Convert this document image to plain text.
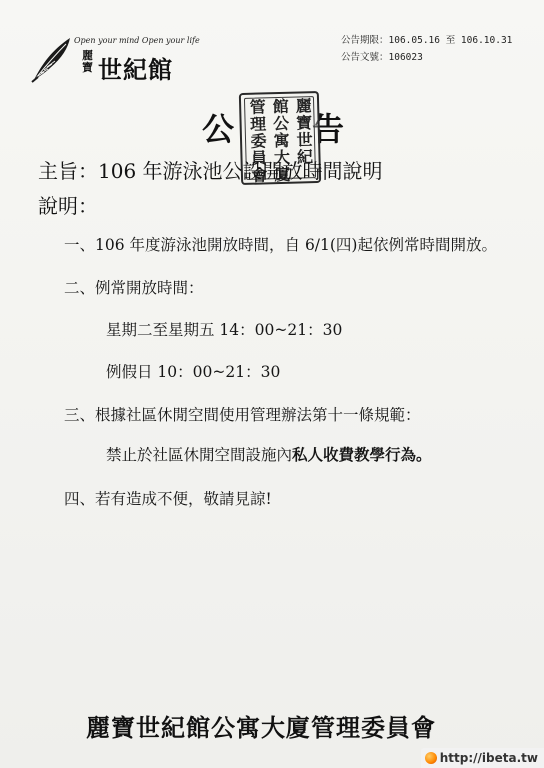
Open your mind Open your life
麗寶 世紀館
公告期限：106.05.16 至 106.10.31
公告文號：106023
公 告
麗寶世紀
館公寓大廈
管理委員會
主旨：106 年游泳池公設開放時間說明
說明：
一、106 年度游泳池開放時間，自 6/1(四)起依例常時間開放。
二、例常開放時間：
星期二至星期五 14：00~21：30
例假日 10：00~21：30
三、根據社區休閒空間使用管理辦法第十一條規範：
禁止於社區休閒空間設施內私人收費教學行為。
四、若有造成不便，敬請見諒!
麗寶世紀館公寓大廈管理委員會
http://ibeta.tw
